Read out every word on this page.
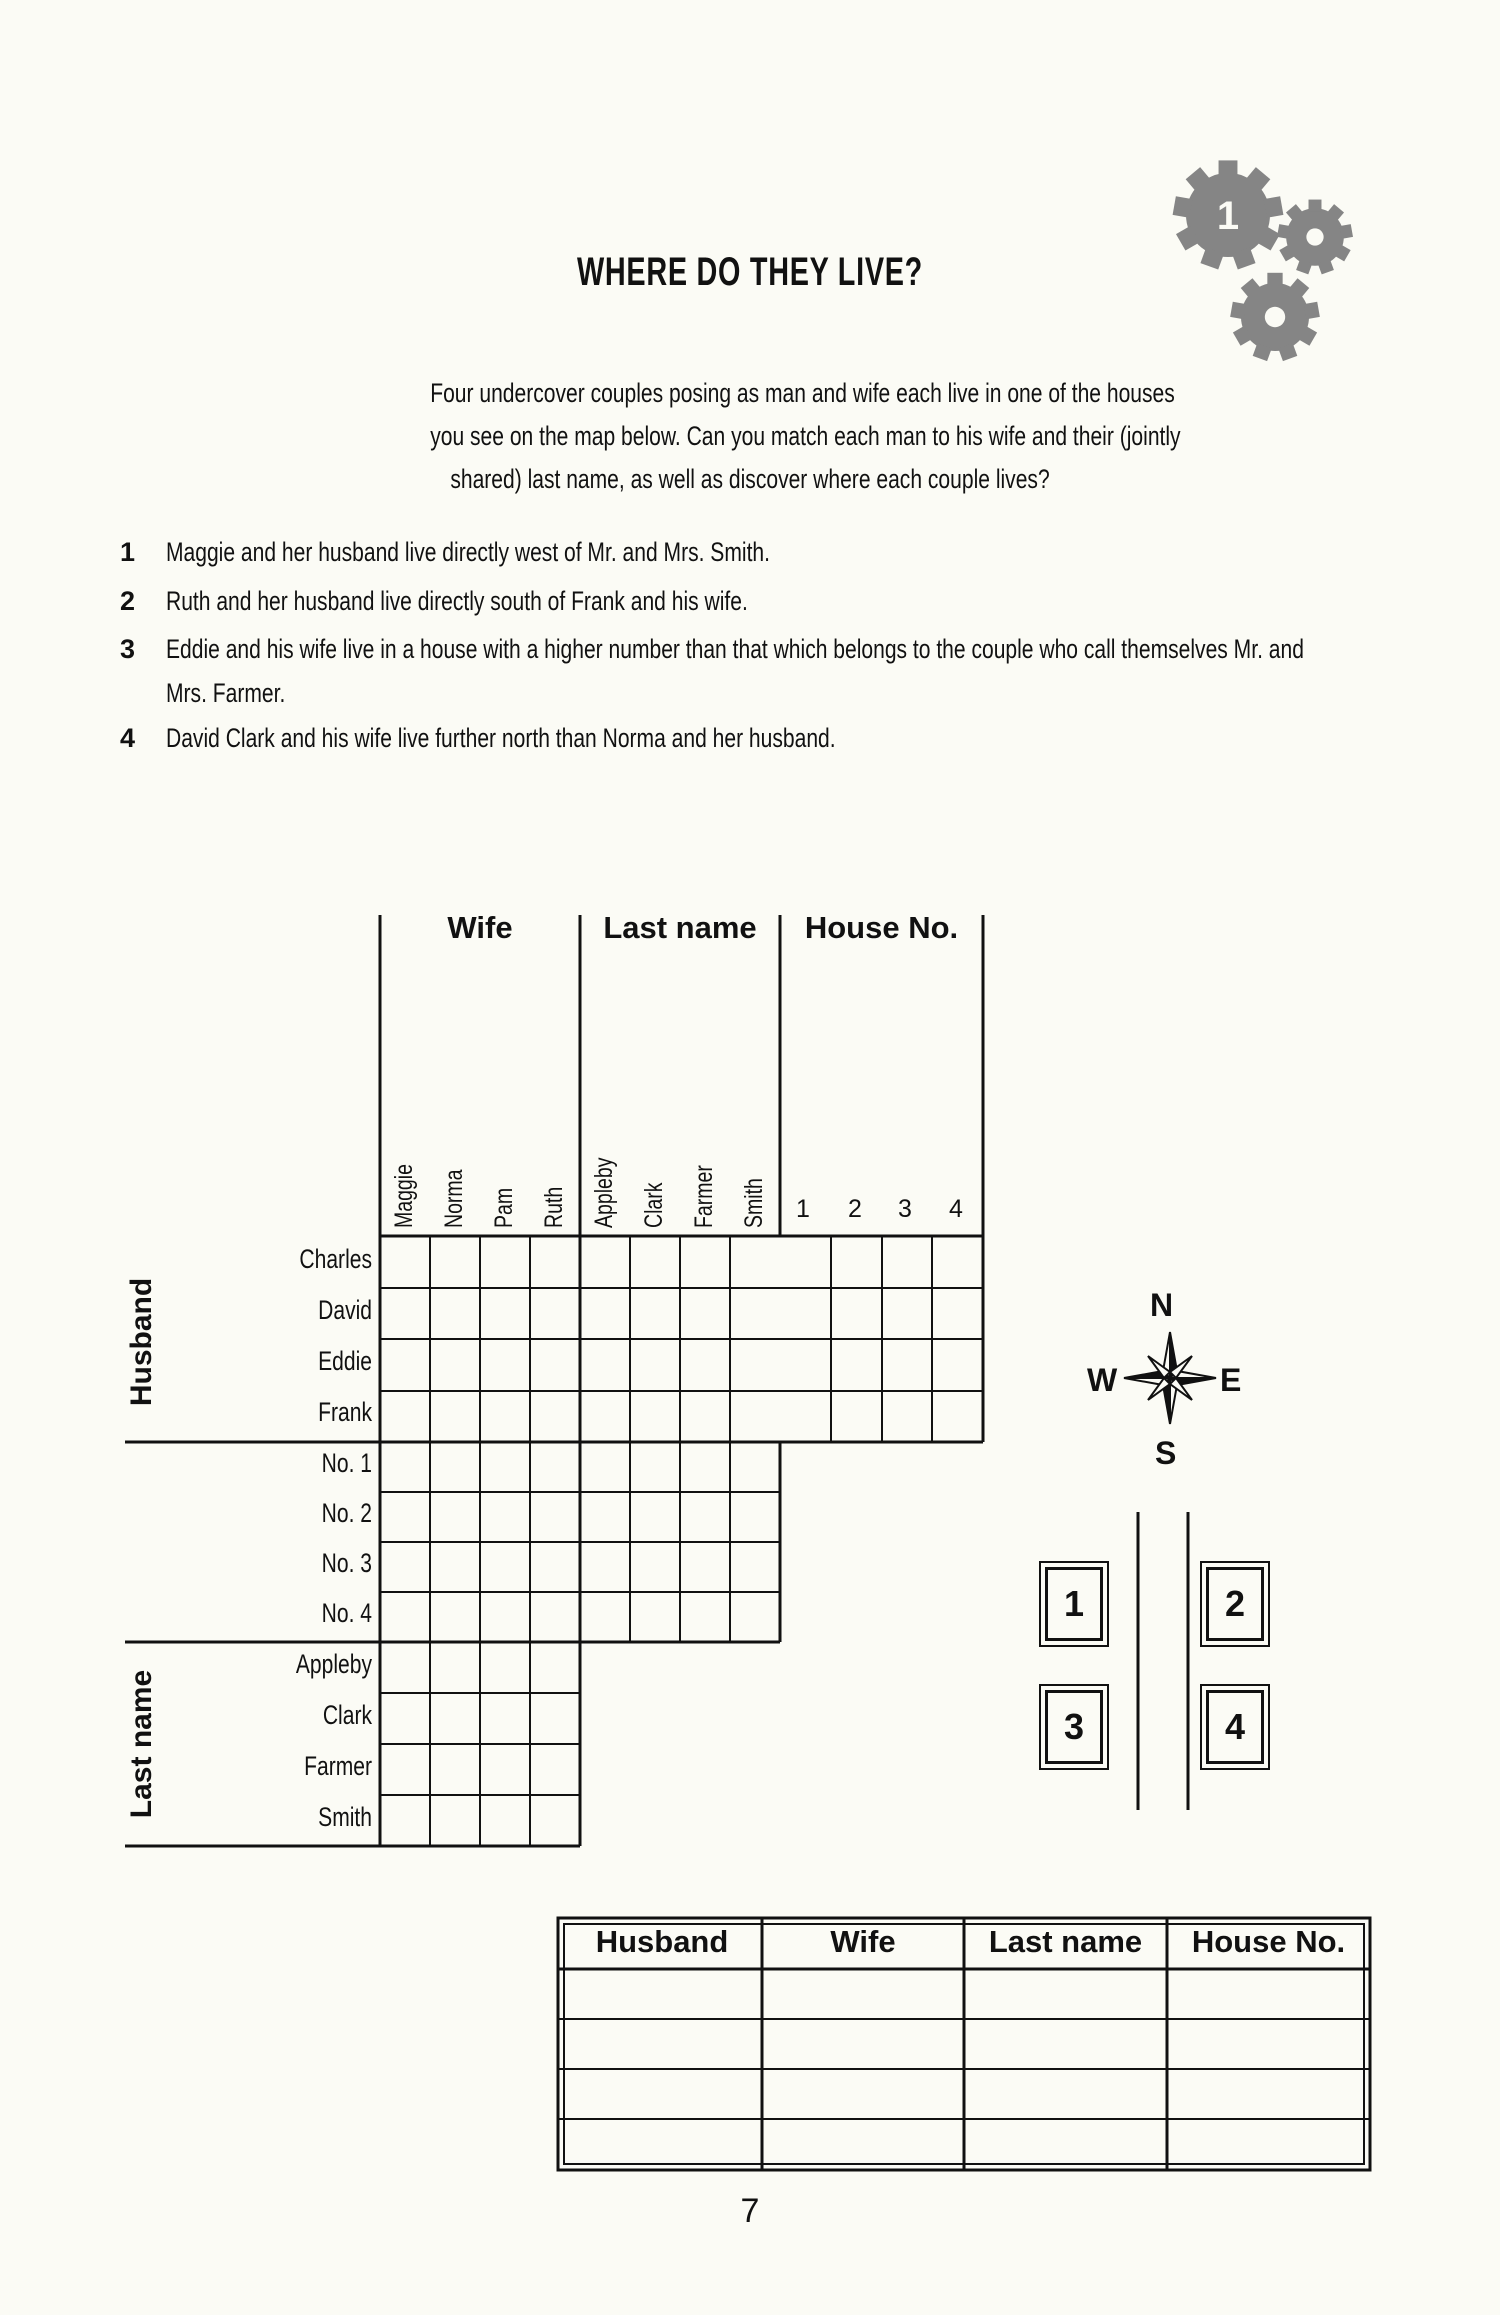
WHERE DO THEY LIVE?
1
Four undercover couples posing as man and wife each live in one of the houses
you see on the map below. Can you match each man to his wife and their (jointly
shared) last name, as well as discover where each couple lives?
1 Maggie and her husband live directly west of Mr. and Mrs. Smith.
2 Ruth and her husband live directly south of Frank and his wife.
3 Eddie and his wife live in a house with a higher number than that which belongs to the couple who call themselves Mr. and
Mrs. Farmer.
4 David Clark and his wife live further north than Norma and her husband.
Wife	Last name	House No.
Maggie Norma Pam Ruth Appleby Clark Farmer Smith 1 2 3 4
Husband
Last name
Charles
David
Eddie
Frank
No. 1
No. 2
No. 3
No. 4
Appleby
Clark
Farmer
Smith
N
W	E
S
1	2
3	4
Husband	Wife	Last name	House No.
7
